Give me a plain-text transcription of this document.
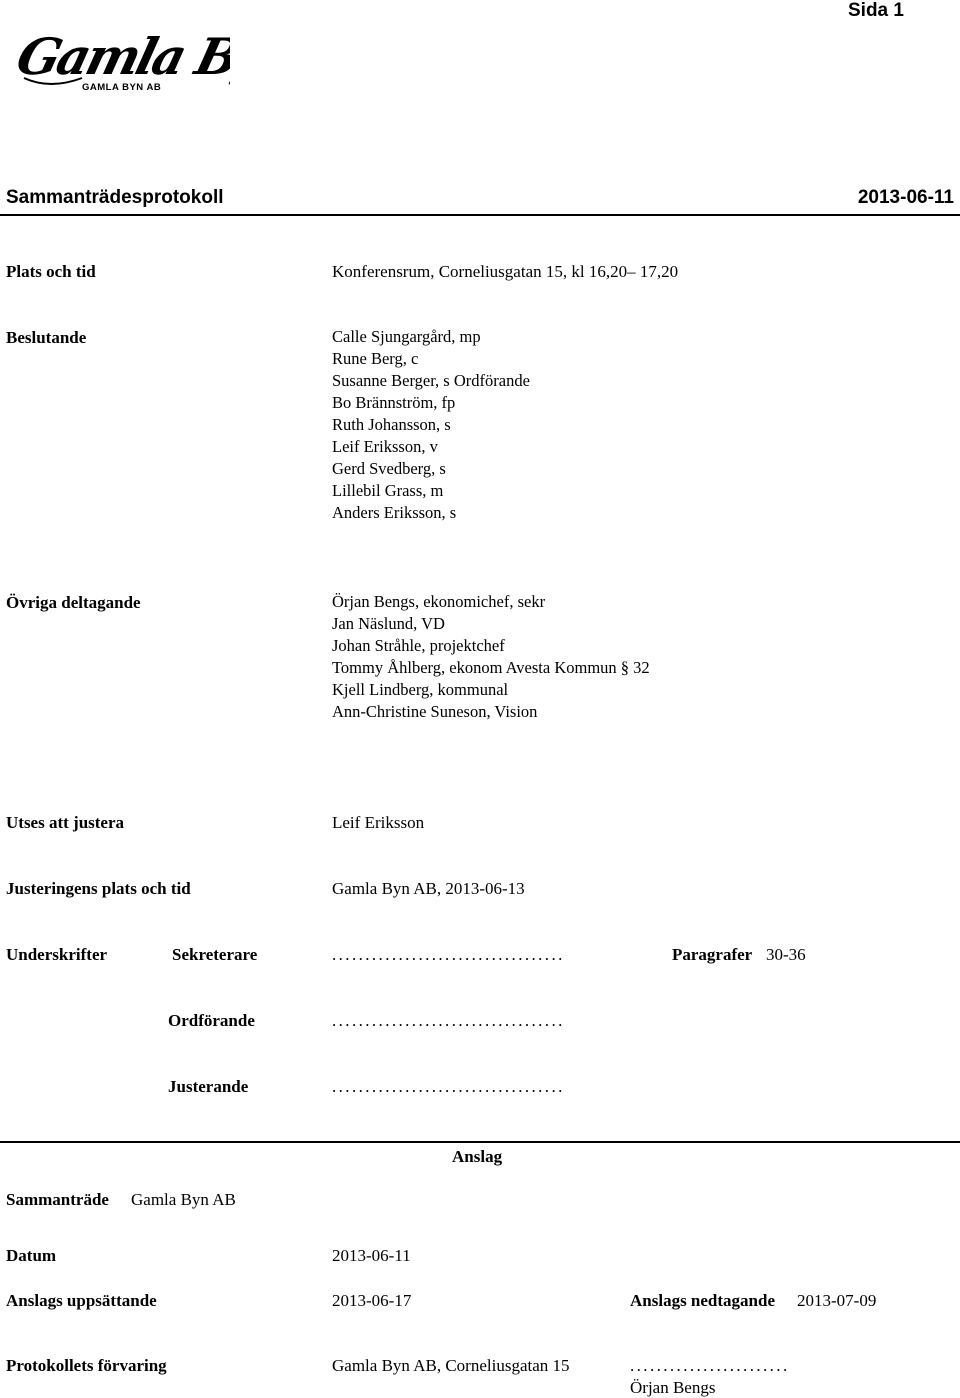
Sida 1
Gamla Byn
GAMLA BYN AB
Sammanträdesprotokoll	2013-06-11
Plats och tid	Konferensrum, Corneliusgatan 15, kl 16,20– 17,20
Beslutande	Calle Sjungargård, mp
Rune Berg, c
Susanne Berger, s Ordförande
Bo Brännström, fp
Ruth Johansson, s
Leif Eriksson, v
Gerd Svedberg, s
Lillebil Grass, m
Anders Eriksson, s
Övriga deltagande	Örjan Bengs, ekonomichef, sekr
Jan Näslund, VD
Johan Stråhle, projektchef
Tommy Åhlberg, ekonom Avesta Kommun § 32
Kjell Lindberg, kommunal
Ann-Christine Suneson, Vision
Utses att justera	Leif Eriksson
Justeringens plats och tid	Gamla Byn AB, 2013-06-13
Underskrifter	Sekreterare	...................................	Paragrafer 30-36
Ordförande	...................................
Justerande	...................................
Anslag
Sammanträde Gamla Byn AB
Datum	2013-06-11
Anslags uppsättande	2013-06-17	Anslags nedtagande 2013-07-09
Protokollets förvaring	Gamla Byn AB, Corneliusgatan 15	........................
Örjan Bengs
